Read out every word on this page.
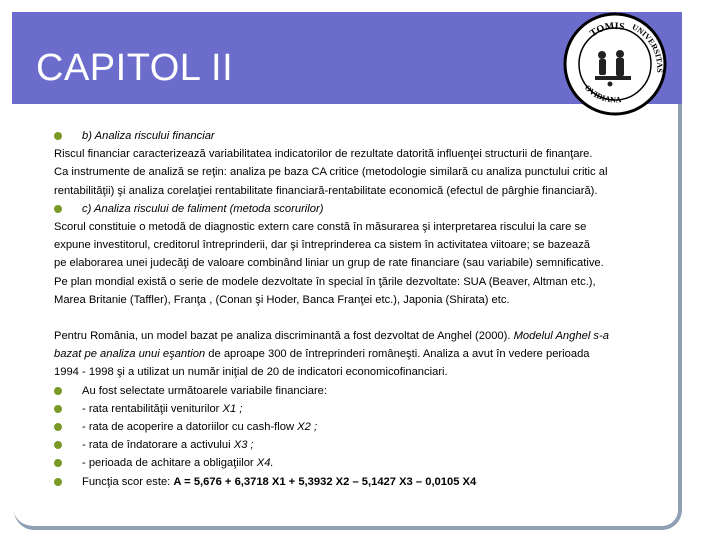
CAPITOL II
TOMIS UNIVERSITAS
OVIDIANA
b) Analiza riscului financiar
Riscul financiar caracterizează variabilitatea indicatorilor de rezultate datorită influenţei structurii de finanţare.
Ca instrumente de analiză se reţin: analiza pe baza CA critice (metodologie similară cu analiza punctului critic al
rentabilităţii) şi analiza corelaţiei rentabilitate financiară-rentabilitate economică (efectul de pârghie financiară).
c) Analiza riscului de faliment (metoda scorurilor)
Scorul constituie o metodă de diagnostic extern care constă în măsurarea şi interpretarea riscului la care se
expune investitorul, creditorul întreprinderii, dar şi întreprinderea ca sistem în activitatea viitoare; se bazează
pe elaborarea unei judecăţi de valoare combinând liniar un grup de rate financiare (sau variabile) semnificative.
Pe plan mondial există o serie de modele dezvoltate în special în ţările dezvoltate: SUA (Beaver, Altman etc.),
Marea Britanie (Taffler), Franţa , (Conan şi Hoder, Banca Franţei etc.), Japonia (Shirata) etc.
Pentru România, un model bazat pe analiza discriminantă a fost dezvoltat de Anghel (2000). Modelul Anghel s-a
bazat pe analiza unui eşantion de aproape 300 de întreprinderi româneşti. Analiza a avut în vedere perioada
1994 - 1998 şi a utilizat un număr iniţial de 20 de indicatori economicofinanciari.
Au fost selectate următoarele variabile financiare:
- rata rentabilităţii veniturilor X1 ;
- rata de acoperire a datoriilor cu cash-flow X2 ;
- rata de îndatorare a activului X3 ;
- perioada de achitare a obligaţiilor X4.
Funcţia scor este: A = 5,676 + 6,3718 X1 + 5,3932 X2 – 5,1427 X3 – 0,0105 X4
